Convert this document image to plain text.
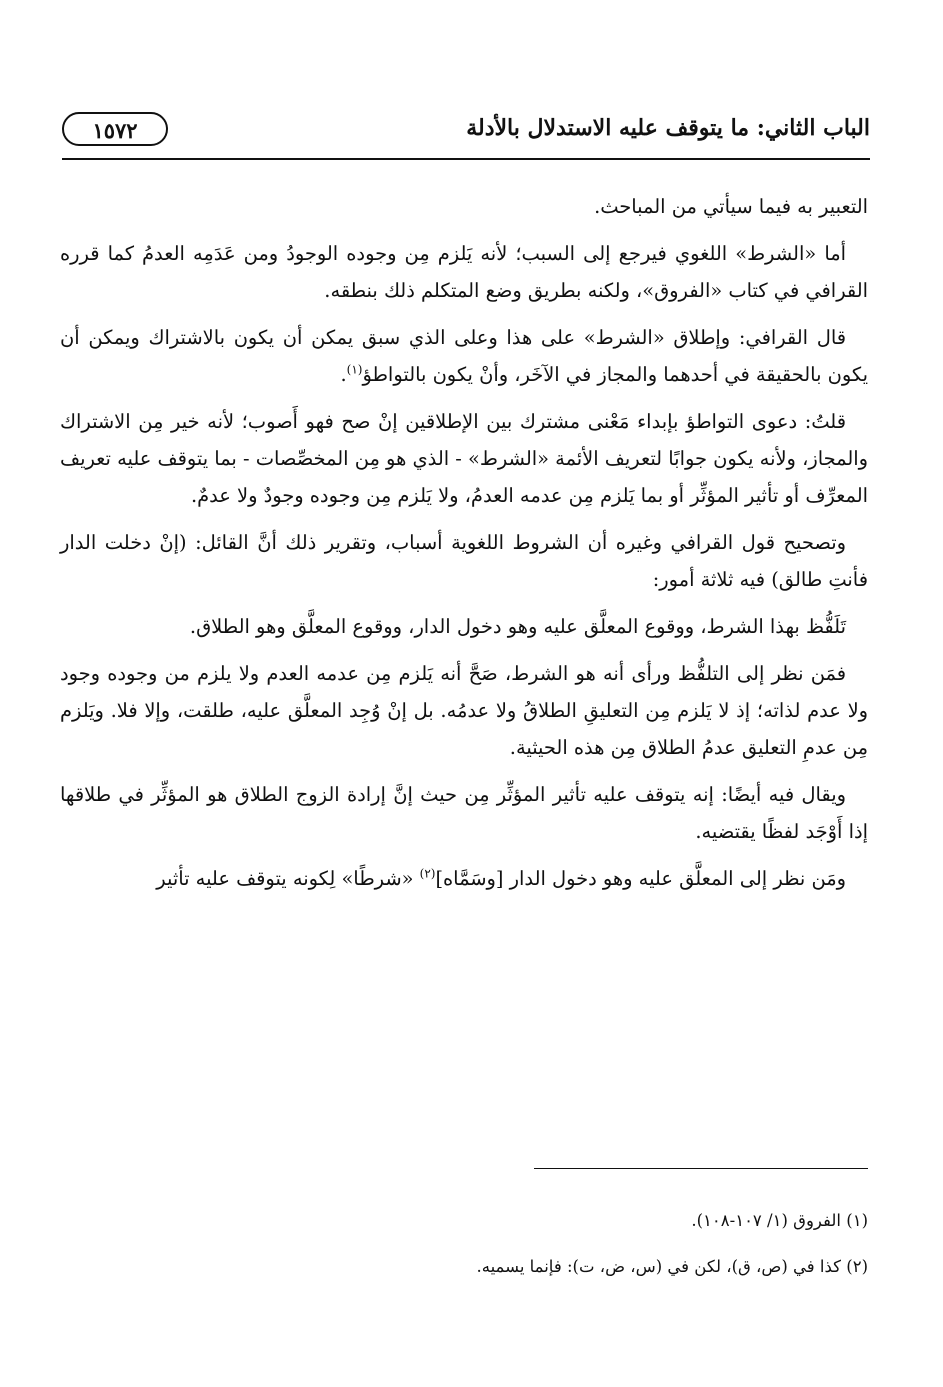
الباب الثاني: ما يتوقف عليه الاستدلال بالأدلة
١٥٧٢

التعبير به فيما سيأتي من المباحث.

أما «الشرط» اللغوي فيرجع إلى السبب؛ لأنه يَلزم مِن وجوده الوجودُ ومن عَدَمِه العدمُ كما قرره القرافي في كتاب «الفروق»، ولكنه بطريق وضع المتكلم ذلك بنطقه.

قال القرافي: وإطلاق «الشرط» على هذا وعلى الذي سبق يمكن أن يكون بالاشتراك ويمكن أن يكون بالحقيقة في أحدهما والمجاز في الآخَر، وأنْ يكون بالتواطؤ$^{(١)}$.

قلتُ: دعوى التواطؤ بإبداء مَعْنى مشترك بين الإطلاقين إنْ صح فهو أَصوب؛ لأنه خير مِن الاشتراك والمجاز، ولأنه يكون جوابًا لتعريف الأئمة «الشرط» - الذي هو مِن المخصِّصات - بما يتوقف عليه تعريف المعرِّف أو تأثير المؤثِّر أو بما يَلزم مِن عدمه العدمُ، ولا يَلزم مِن وجوده وجودٌ ولا عدمٌ.

وتصحيح قول القرافي وغيره أن الشروط اللغوية أسباب، وتقرير ذلك أنَّ القائل: (إنْ دخلت الدار فأنتِ طالق) فيه ثلاثة أمور:

تَلَفُّظ بهذا الشرط، ووقوع المعلَّق عليه وهو دخول الدار، ووقوع المعلَّق وهو الطلاق.

فمَن نظر إلى التلفُّظ ورأى أنه هو الشرط، صَحَّ أنه يَلزم مِن عدمه العدم ولا يلزم من وجوده وجود ولا عدم لذاته؛ إذ لا يَلزم مِن التعليقِ الطلاقُ ولا عدمُه. بل إنْ وُجِد المعلَّق عليه، طلقت، وإلا فلا. ويَلزم مِن عدمِ التعليق عدمُ الطلاق مِن هذه الحيثية.

ويقال فيه أيضًا: إنه يتوقف عليه تأثير المؤثِّر مِن حيث إنَّ إرادة الزوج الطلاق هو المؤثِّر في طلاقها إذا أَوْجَد لفظًا يقتضيه.

ومَن نظر إلى المعلَّق عليه وهو دخول الدار [وسَمَّاه]$^{(٢)}$ «شرطًا» لِكونه يتوقف عليه تأثير

(١) الفروق (١/ ١٠٧-١٠٨).

(٢) كذا في (ص، ق)، لكن في (س، ض، ت): فإنما يسميه.
